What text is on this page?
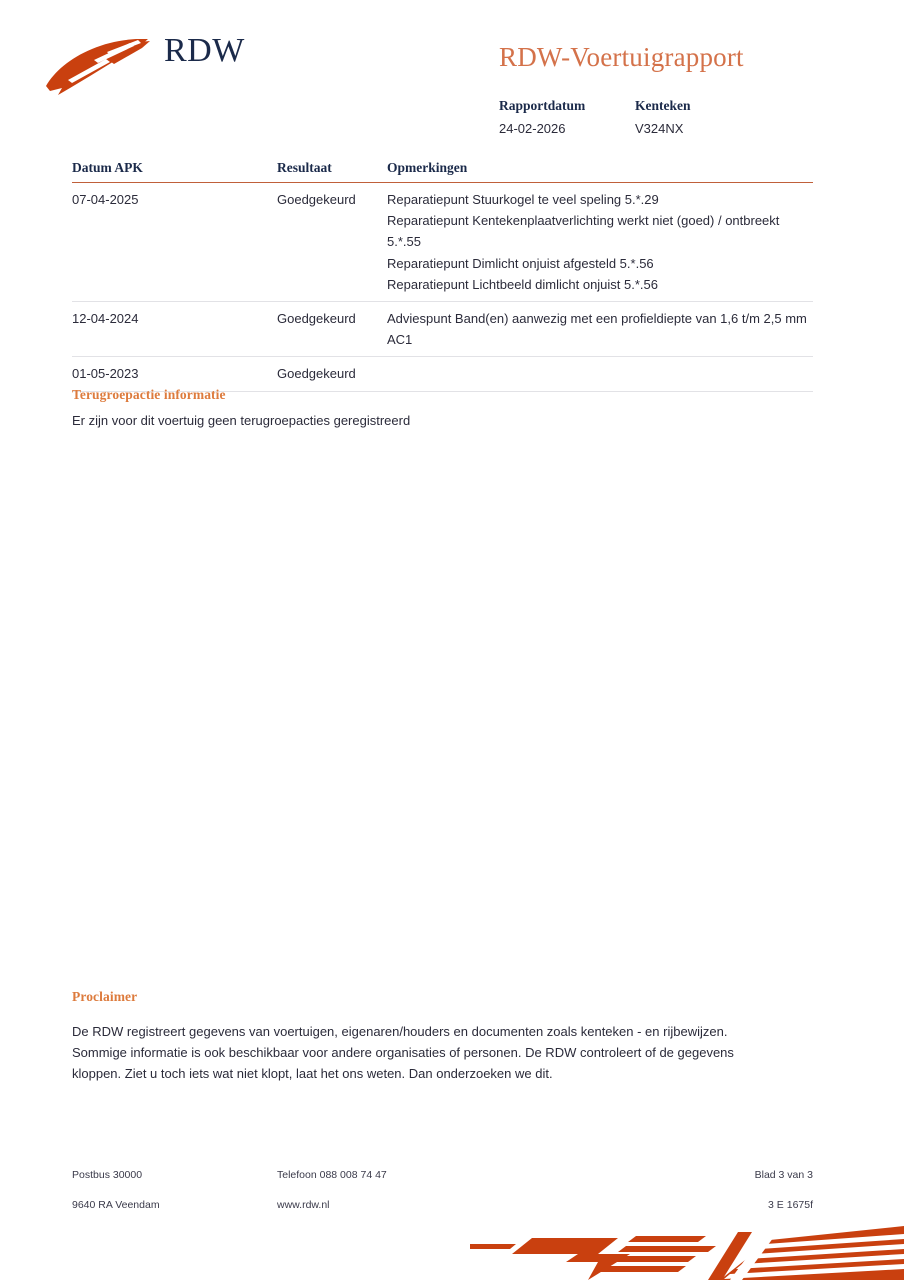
RDW	RDW-Voertuigrapport
Rapportdatum
24-02-2026
Kenteken
V324NX
Datum APK	Resultaat	Opmerkingen
07-04-2025	Goedgekeurd	Reparatiepunt Stuurkogel te veel speling 5.*.29
Reparatiepunt Kentekenplaatverlichting werkt niet (goed) / ontbreekt 5.*.55
Reparatiepunt Dimlicht onjuist afgesteld 5.*.56
Reparatiepunt Lichtbeeld dimlicht onjuist 5.*.56
12-04-2024	Goedgekeurd	Adviespunt Band(en) aanwezig met een profieldiepte van 1,6 t/m 2,5 mm AC1
01-05-2023	Goedgekeurd
Terugroepactie informatie
Er zijn voor dit voertuig geen terugroepacties geregistreerd
Proclaimer
De RDW registreert gegevens van voertuigen, eigenaren/houders en documenten zoals kenteken - en rijbewijzen. Sommige informatie is ook beschikbaar voor andere organisaties of personen. De RDW controleert of de gegevens kloppen. Ziet u toch iets wat niet klopt, laat het ons weten. Dan onderzoeken we dit.
Postbus 30000	Telefoon 088 008 74 47	Blad 3 van 3
9640 RA Veendam	www.rdw.nl	3 E 1675f
